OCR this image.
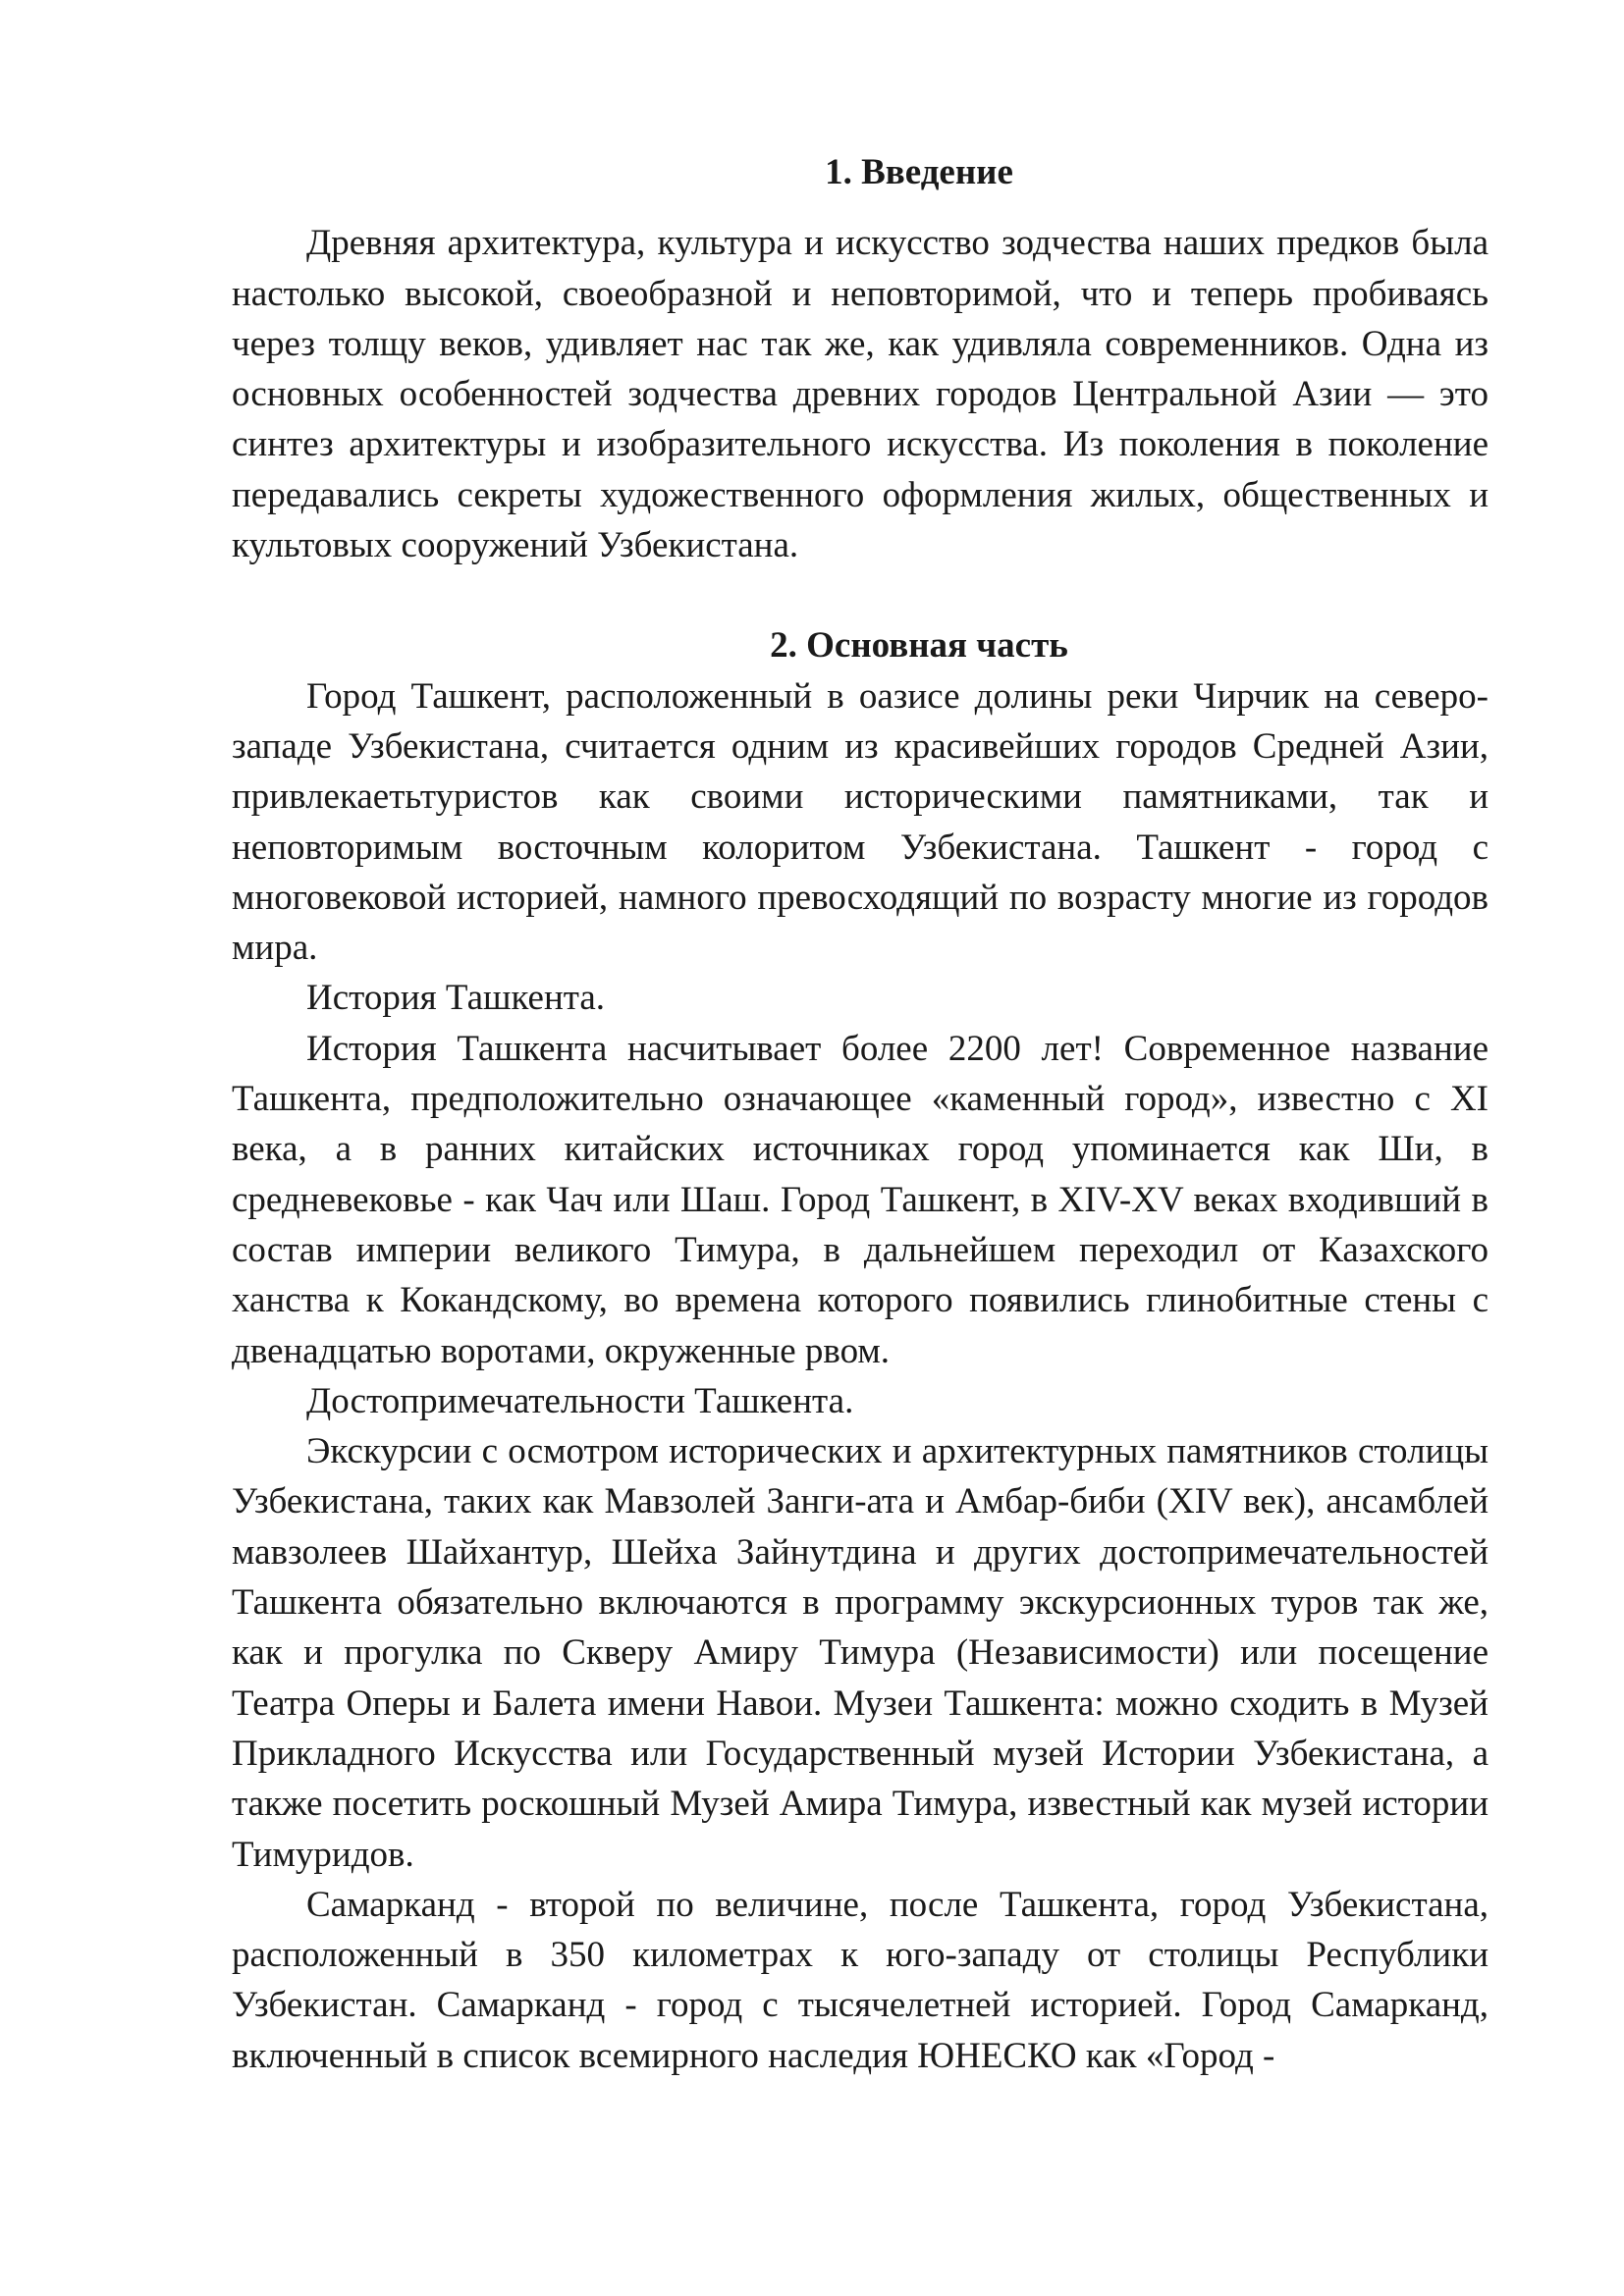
1. Введение

Древняя архитектура, культура и искусство зодчества наших предков была настолько высокой, своеобразной и неповторимой, что и теперь пробиваясь через толщу веков, удивляет нас так же, как удивляла современников. Одна из основных особенностей зодчества древних городов Центральной Азии — это синтез архитектуры и изобразительного искусства. Из поколения в поколение передавались секреты художественного оформления жилых, общественных и культовых сооружений Узбекистана.

2. Основная часть

Город Ташкент, расположенный в оазисе долины реки Чирчик на северо-западе Узбекистана, считается одним из красивейших городов Средней Азии, привлекаетьтуристов как своими историческими памятниками, так и неповторимым восточным колоритом Узбекистана. Ташкент - город с многовековой историей, намного превосходящий по возрасту многие из городов мира.

История Ташкента.

История Ташкента насчитывает более 2200 лет! Современное название Ташкента, предположительно означающее «каменный город», известно с XI века, а в ранних китайских источниках город упоминается как Ши, в средневековье - как Чач или Шаш. Город Ташкент, в XIV-XV веках входивший в состав империи великого Тимура, в дальнейшем переходил от Казахского ханства к Кокандскому, во времена которого появились глинобитные стены с двенадцатью воротами, окруженные рвом.

Достопримечательности Ташкента.

Экскурсии с осмотром исторических и архитектурных памятников столицы Узбекистана, таких как Мавзолей Занги-ата и Амбар-биби (XIV век), ансамблей мавзолеев Шайхантур, Шейха Зайнутдина и других достопримечательностей Ташкента обязательно включаются в программу экскурсионных туров так же, как и прогулка по Скверу Амиру Тимура (Независимости) или посещение Театра Оперы и Балета имени Навои. Музеи Ташкента: можно сходить в Музей Прикладного Искусства или Государственный музей Истории Узбекистана, а также посетить роскошный Музей Амира Тимура, известный как музей истории Тимуридов.

Самарканд - второй по величине, после Ташкента, город Узбекистана, расположенный в 350 километрах к юго-западу от столицы Республики Узбекистан. Самарканд - город с тысячелетней историей. Город Самарканд, включенный в список всемирного наследия ЮНЕСКО как «Город -
